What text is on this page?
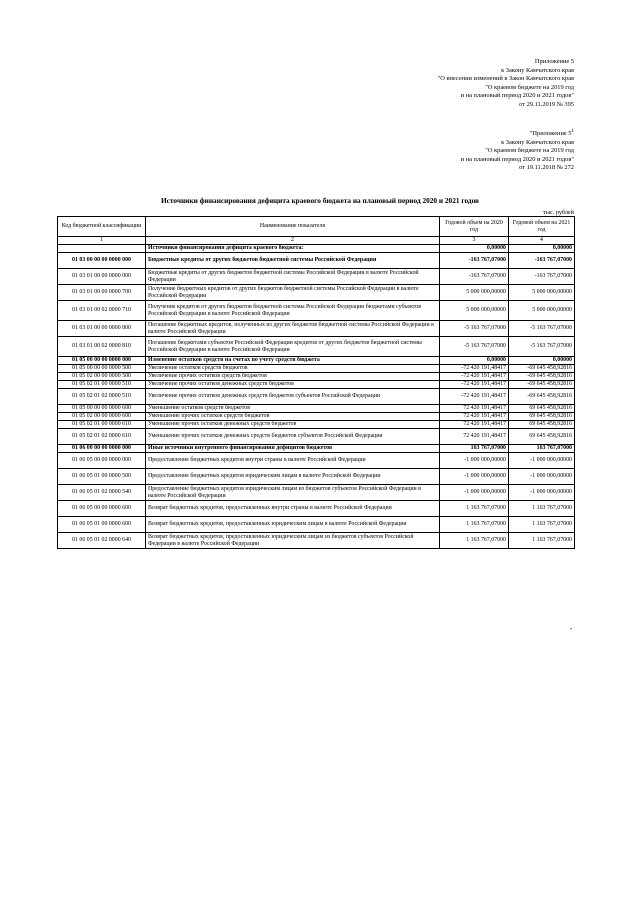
Приложение 5
к Закону Камчатского края
"О внесении изменений в Закон Камчатского края
"О краевом бюджете на 2019 год
и на плановый период 2020 и 2021 годов"
от 29.11.2019 № 395
"Приложение $5^1$
к Закону Камчатского края
"О краевом бюджете на 2019 год
и на плановый период 2020 и 2021 годов"
от 19.11.2018 № 272
Источники финансирования дефицита краевого бюджета на плановый период 2020 и 2021 годов
тыс. рублей
Код бюджетной классификации	Наименование показателя	Годовой объем на 2020 год	Годовой объем на 2021 год
1	2	3	4
	Источники финансирования дефицита краевого бюджета:	0,00000	0,00000
01 03 00 00 00 0000 000	Бюджетные кредиты от других бюджетов бюджетной системы Российской Федерации	-163 767,07000	-163 767,07000
01 03 01 00 00 0000 000	Бюджетные кредиты от других бюджетов бюджетной системы Российской Федерации в валюте Российской Федерации	-163 767,07000	-163 767,07000
01 03 01 00 00 0000 700	Получение бюджетных кредитов от других бюджетов бюджетной системы Российской Федерации в валюте Российской Федерации	5 000 000,00000	5 000 000,00000
01 03 01 00 02 0000 710	Получение кредитов от других бюджетов бюджетной системы Российской Федерации бюджетами субъектов Российской Федерации в валюте Российской Федерации	5 000 000,00000	5 000 000,00000
01 03 01 00 00 0000 800	Погашение бюджетных кредитов, полученных из других бюджетов бюджетной системы Российской Федерации в валюте Российской Федерации	-5 163 767,07000	-5 163 767,07000
01 03 01 00 02 0000 810	Погашение бюджетами субъектов Российской Федерации кредитов от других бюджетов бюджетной системы Российской Федерации в валюте Российской Федерации	-5 163 767,07000	-5 163 767,07000
01 05 00 00 00 0000 000	Изменение остатков средств на счетах по учету средств бюджета	0,00000	0,00000
01 05 00 00 00 0000 500	Увеличение остатков средств бюджетов	-72 420 191,48417	-69 645 458,92816
01 05 02 00 00 0000 500	Увеличение прочих остатков средств бюджетов	-72 420 191,48417	-69 645 458,92816
01 05 02 01 00 0000 510	Увеличение прочих остатков денежных средств бюджетов	-72 420 191,48417	-69 645 458,92816
01 05 02 01 02 0000 510	Увеличение прочих остатков денежных средств бюджетов субъектов Российской Федерации	-72 420 191,48417	-69 645 458,92816
01 05 00 00 00 0000 600	Уменьшение остатков средств бюджетов	72 420 191,48417	69 645 458,92816
01 05 02 00 00 0000 600	Уменьшение прочих остатков средств бюджетов	72 420 191,48417	69 645 458,92816
01 05 02 01 00 0000 610	Уменьшение прочих остатков денежных средств бюджетов	72 420 191,48417	69 645 458,92816
01 05 02 01 02 0000 610	Уменьшение прочих остатков денежных средств бюджетов субъектов Российской Федерации	72 420 191,48417	69 645 458,92816
01 06 00 00 00 0000 000	Иные источники внутреннего финансирования дефицитов бюджетов	163 767,07000	163 767,07000
01 06 05 00 00 0000 000	Предоставление бюджетных кредитов внутри страны в валюте Российской Федерации	-1 000 000,00000	-1 000 000,00000
01 06 05 01 00 0000 500	Предоставление бюджетных кредитов юридическим лицам в валюте Российской Федерации	-1 000 000,00000	-1 000 000,00000
01 06 05 01 02 0000 540	Предоставление бюджетных кредитов юридическим лицам из бюджетов субъектов Российской Федерации в валюте Российской Федерации	-1 000 000,00000	-1 000 000,00000
01 06 05 00 00 0000 600	Возврат бюджетных кредитов, предоставленных внутри страны в валюте Российской Федерации	1 163 767,07000	1 163 767,07000
01 06 05 01 00 0000 600	Возврат бюджетных кредитов, предоставленных юридическим лицам в валюте Российской Федерации	1 163 767,07000	1 163 767,07000
01 06 05 01 02 0000 640	Возврат бюджетных кредитов, предоставленных юридическим лицам из бюджетов субъектов Российской Федерации в валюте Российской Федерации	1 163 767,07000	1 163 767,07000
"
